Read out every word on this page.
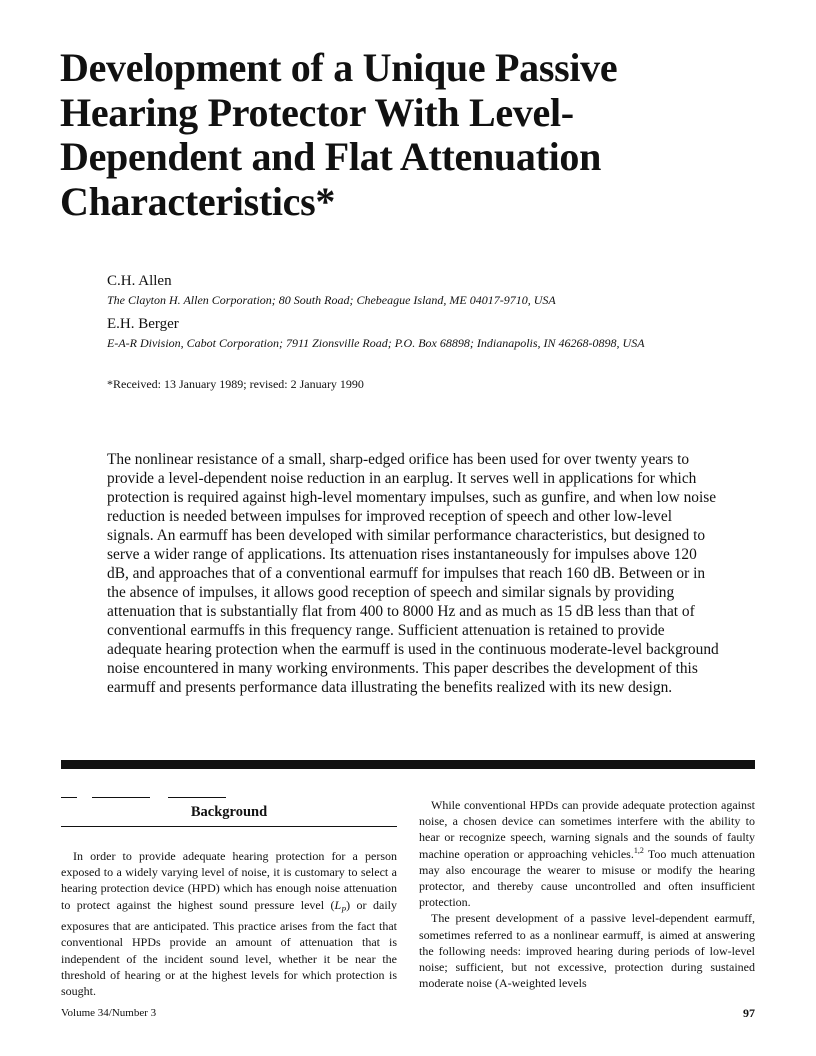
Development of a Unique Passive Hearing Protector With Level-Dependent and Flat Attenuation Characteristics*

C.H. Allen

The Clayton H. Allen Corporation; 80 South Road; Chebeague Island, ME 04017-9710, USA

E.H. Berger

E-A-R Division, Cabot Corporation; 7911 Zionsville Road; P.O. Box 68898; Indianapolis, IN 46268-0898, USA

*Received: 13 January 1989; revised: 2 January 1990
The nonlinear resistance of a small, sharp-edged orifice has been used for over twenty years to provide a level-dependent noise reduction in an earplug. It serves well in applications for which protection is required against high-level momentary impulses, such as gunfire, and when low noise reduction is needed between impulses for improved reception of speech and other low-level signals. An earmuff has been developed with similar performance characteristics, but designed to serve a wider range of applications. Its attenuation rises instantaneously for impulses above 120 dB, and approaches that of a conventional earmuff for impulses that reach 160 dB. Between or in the absence of impulses, it allows good reception of speech and similar signals by providing attenuation that is substantially flat from 400 to 8000 Hz and as much as 15 dB less than that of conventional earmuffs in this frequency range. Sufficient attenuation is retained to provide adequate hearing protection when the earmuff is used in the continuous moderate-level background noise encountered in many working environments. This paper describes the development of this earmuff and presents performance data illustrating the benefits realized with its new design.
Background

In order to provide adequate hearing protection for a person exposed to a widely varying level of noise, it is customary to select a hearing protection device (HPD) which has enough noise attenuation to protect against the highest sound pressure level $(L_P)$ or daily exposures that are anticipated. This practice arises from the fact that conventional HPDs provide an amount of attenuation that is independent of the incident sound level, whether it be near the threshold of hearing or at the highest levels for which protection is sought.

While conventional HPDs can provide adequate protection against noise, a chosen device can sometimes interfere with the ability to hear or recognize speech, warning signals and the sounds of faulty machine operation or approaching vehicles.$^{1,2}$ Too much attenuation may also encourage the wearer to misuse or modify the hearing protector, and thereby cause uncontrolled and often insufficient protection.

The present development of a passive level-dependent earmuff, sometimes referred to as a nonlinear earmuff, is aimed at answering the following needs: improved hearing during periods of low-level noise; sufficient, but not excessive, protection during sustained moderate noise (A-weighted levels

Volume 34/Number 3	97
